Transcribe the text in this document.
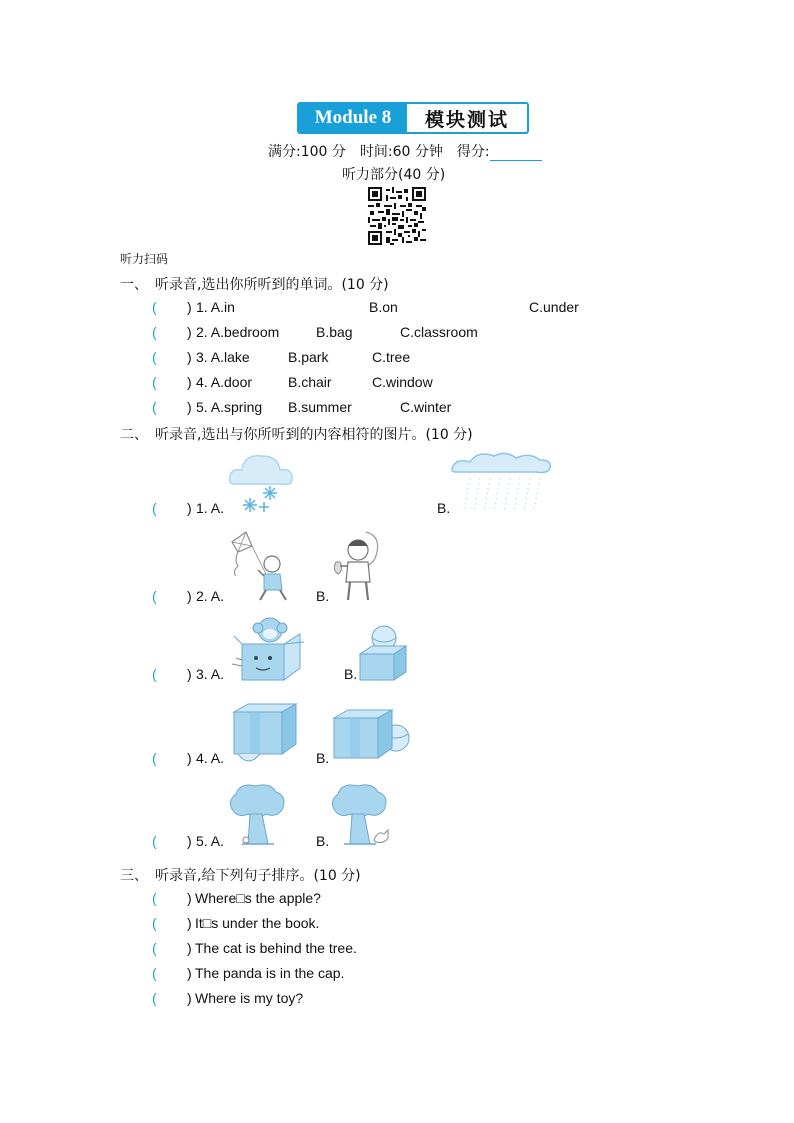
Module 8	模块测试
满分:100 分　时间:60 分钟　得分:
听力部分(40 分)
听力扫码
一、　听录音,选出你所听到的单词。(10 分)
( ) 1. A.in	B.on	C.under
( ) 2. A.bedroom	B.bag	C.classroom
( ) 3. A.lake	B.park	C.tree
( ) 4. A.door	B.chair	C.window
( ) 5. A.spring B.summer	C.winter
二、　听录音,选出与你所听到的内容相符的图片。(10 分)
( ) 1. A.	B.
( ) 2. A.	B.
( ) 3. A.	B.
( ) 4. A.	B.
( ) 5. A.	B.
三、　听录音,给下列句子排序。(10 分)
( ) Where□s the apple?
( ) It□s under the book.
( ) The cat is behind the tree.
( ) The panda is in the cap.
( ) Where is my toy?
